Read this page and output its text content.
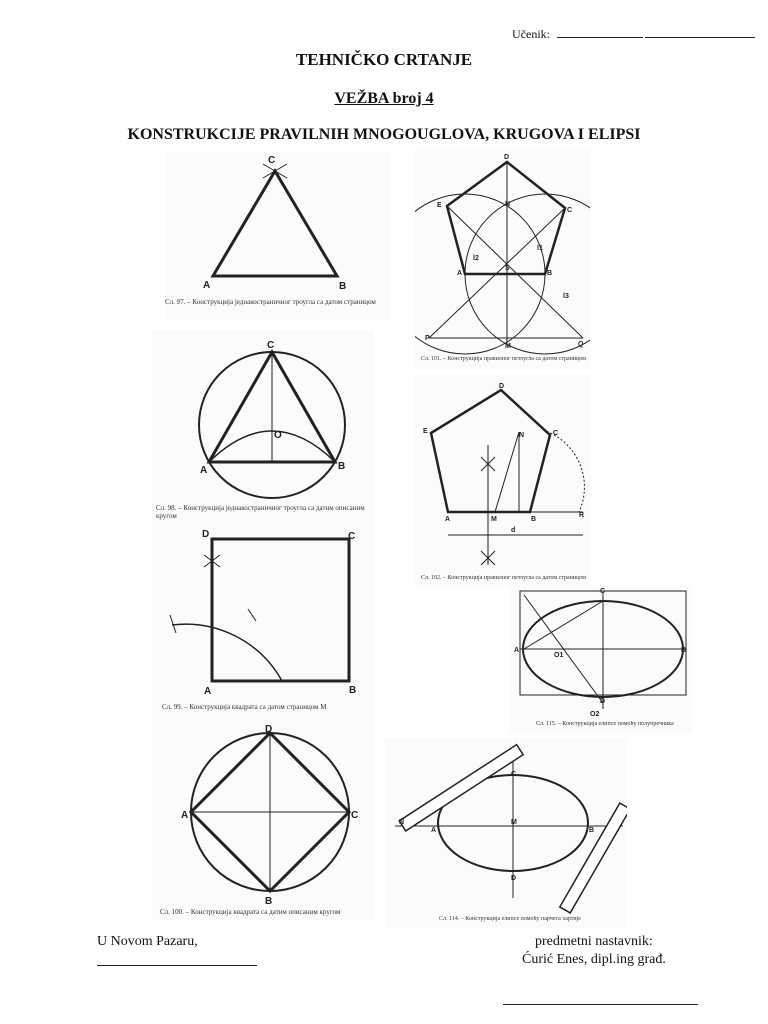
Učenik:
TEHNIČKO CRTANJE
VEŽBA broj 4
KONSTRUKCIJE PRAVILNIH MNOGOUGLOVA, KRUGOVA I ELIPSI
C
A	B
Сл. 97. – Конструкција једнакостраничног троугла са датом страницом
C
O
A	B
Сл. 98. – Конструкција једнакостраничног троугла са датим описаним кругом
D	C
A	B
Сл. 99. – Конструкција квадрата са датом страницом M
D
A	C
B
Сл. 100. – Конструкција квадрата са датим описаним кругом
D
E
C
N
S
A	B
P
Q
M
l1
l2
l3
Сл. 101. – Конструкција правилног петоугла са датом страницом
D
E	C
N
A	M	B
R
d
Сл. 102. – Конструкција правилног петоугла са датом страницом
C
A	B
O1
D
O2
Сл. 115. – Конструкција елипсе помоћу полупречника
C
A	B
M
N
D
Сл. 114. – Конструкција елипсе помоћу парчета хартије
U Novom Pazaru,	predmetni nastavnik:
Ćurić Enes, dipl.ing građ.
